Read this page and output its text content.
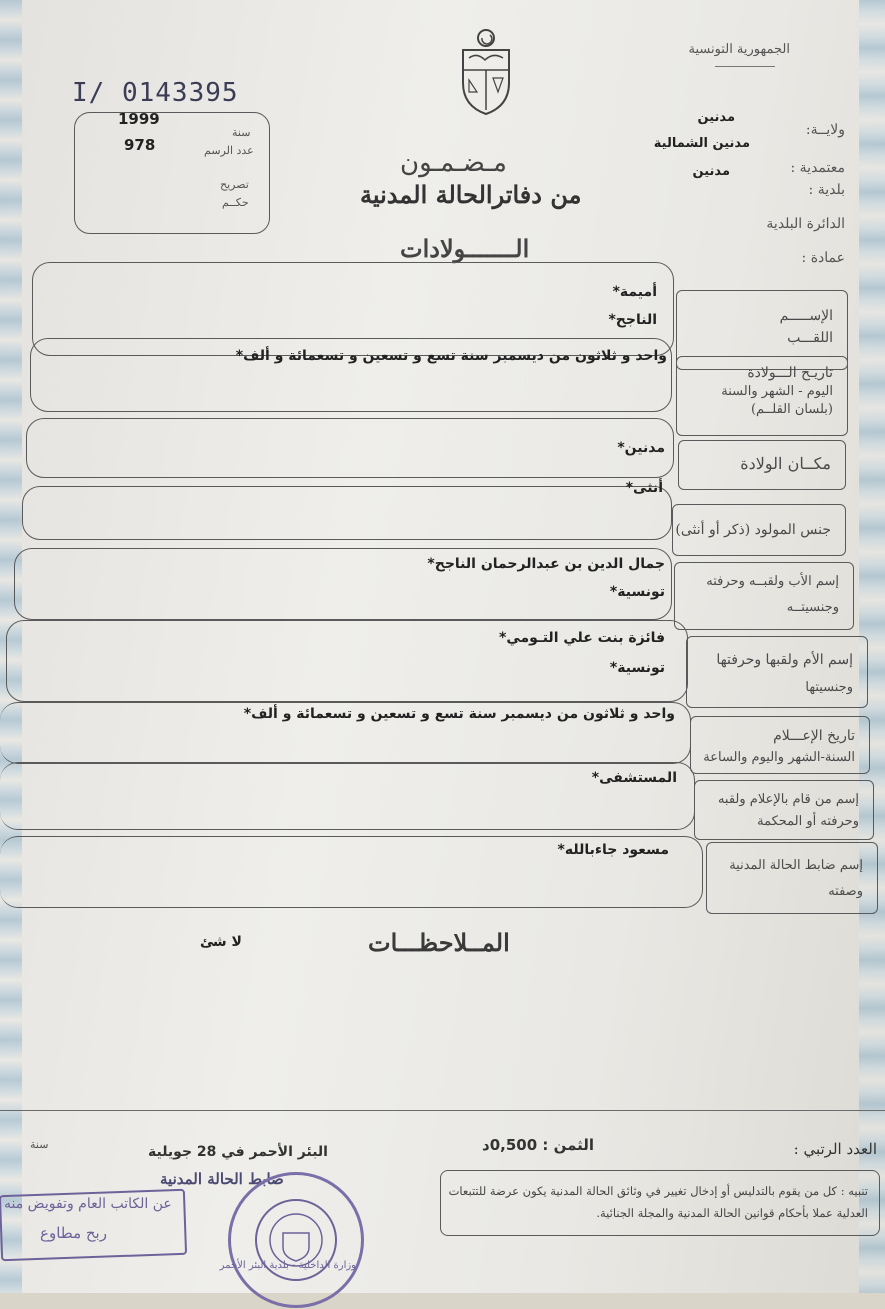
الجمهورية التونسية
I/ 0143395
1999
سنة
978	عدد الرسم
تصريح
حكــم
ولايــة:
مدنين
مدنين الشمالية
معتمدية :
مدنين
بلدية :
الدائرة البلدية
عمادة :
مـضـمـون
من دفاترالحالة المدنية
الـــــــولادات
الإســـــم
اللقـــب
أميمة*
الناجح*
تاريـخ الـــولادة
اليوم - الشهر والسنة
(بلسان القلــم)
واحد و ثلاثون من ديسمبر سنة تسع و تسعين و تسعمائة و ألف*
مكــان الولادة
مدنين*
جنس المولود (ذكر أو أنثى)
أنثى*
إسم الأب ولقبــه وحرفته
وجنسيتــه
جمال الدين بن عبدالرحمان الناجح*
تونسية*
إسم الأم ولقبها وحرفتها
وجنسيتها
فائزة بنت علي التـومي*
تونسية*
تاريخ الإعـــلام
السنة-الشهر واليوم والساعة
واحد و ثلاثون من ديسمبر سنة تسع و تسعين و تسعمائة و ألف*
إسم من قام بالإعلام ولقبه
وحرفته أو المحكمة
المستشفى*
إسم ضابط الحالة المدنية
وصفته
مسعود جاءبالله*
المــلاحظـــات
لا شئ
العدد الرتبي :
تنبيه : كل من يقوم بالتدليس أو إدخال تغيير في وثائق الحالة المدنية يكون عرضة للتتبعات العدلية عملا بأحكام قوانين الحالة المدنية والمجلة الجنائية.
الثمن : 0,500د
سنة	البئر الأحمر في 28 جويلية
ضابط الحالة المدنية
عن الكاتب العام وتفويض منه
ربح مطاوع
وزارة الداخلية - بلدية البئر الأحمر
